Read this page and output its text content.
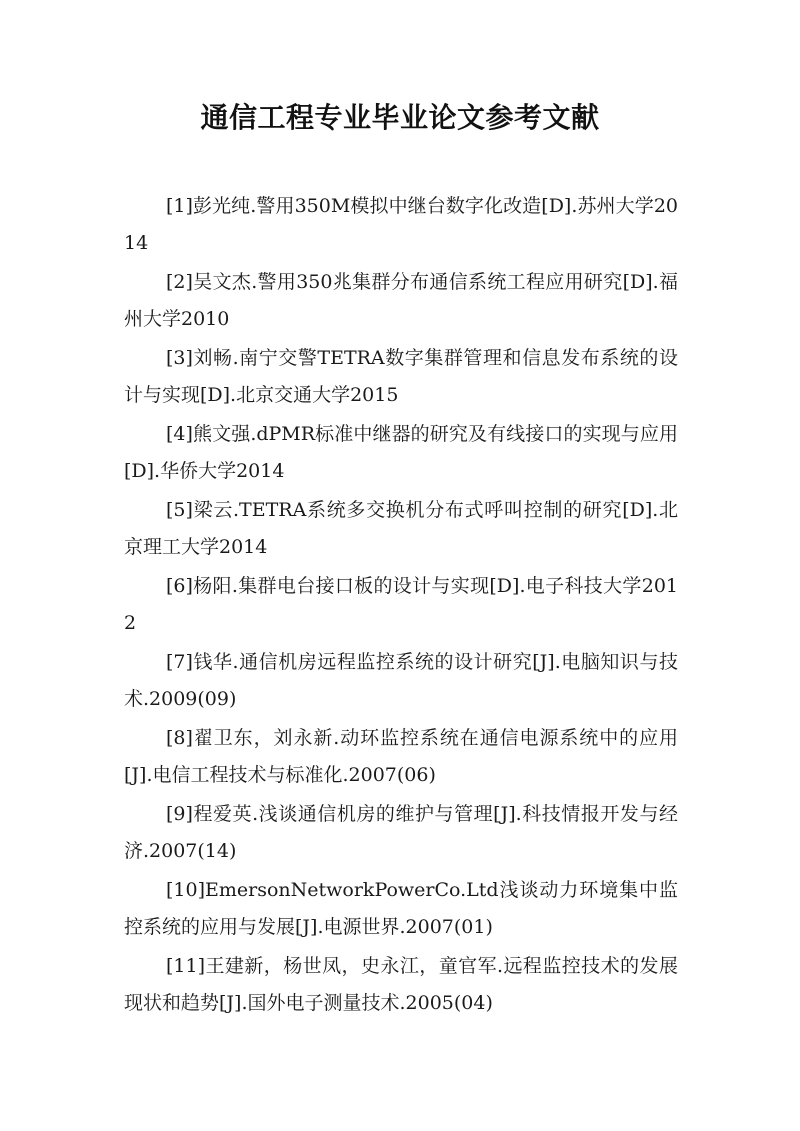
通信工程专业毕业论文参考文献

[1]彭光纯.警用350M模拟中继台数字化改造[D].苏州大学2014

[2]吴文杰.警用350兆集群分布通信系统工程应用研究[D].福州大学2010

[3]刘畅.南宁交警TETRA数字集群管理和信息发布系统的设计与实现[D].北京交通大学2015

[4]熊文强.dPMR标准中继器的研究及有线接口的实现与应用[D].华侨大学2014

[5]梁云.TETRA系统多交换机分布式呼叫控制的研究[D].北京理工大学2014

[6]杨阳.集群电台接口板的设计与实现[D].电子科技大学2012

[7]钱华.通信机房远程监控系统的设计研究[J].电脑知识与技术.2009(09)

[8]翟卫东，刘永新.动环监控系统在通信电源系统中的应用[J].电信工程技术与标准化.2007(06)

[9]程爱英.浅谈通信机房的维护与管理[J].科技情报开发与经济.2007(14)

[10]EmersonNetworkPowerCo.Ltd浅谈动力环境集中监控系统的应用与发展[J].电源世界.2007(01)

[11]王建新，杨世凤，史永江，童官军.远程监控技术的发展现状和趋势[J].国外电子测量技术.2005(04)
